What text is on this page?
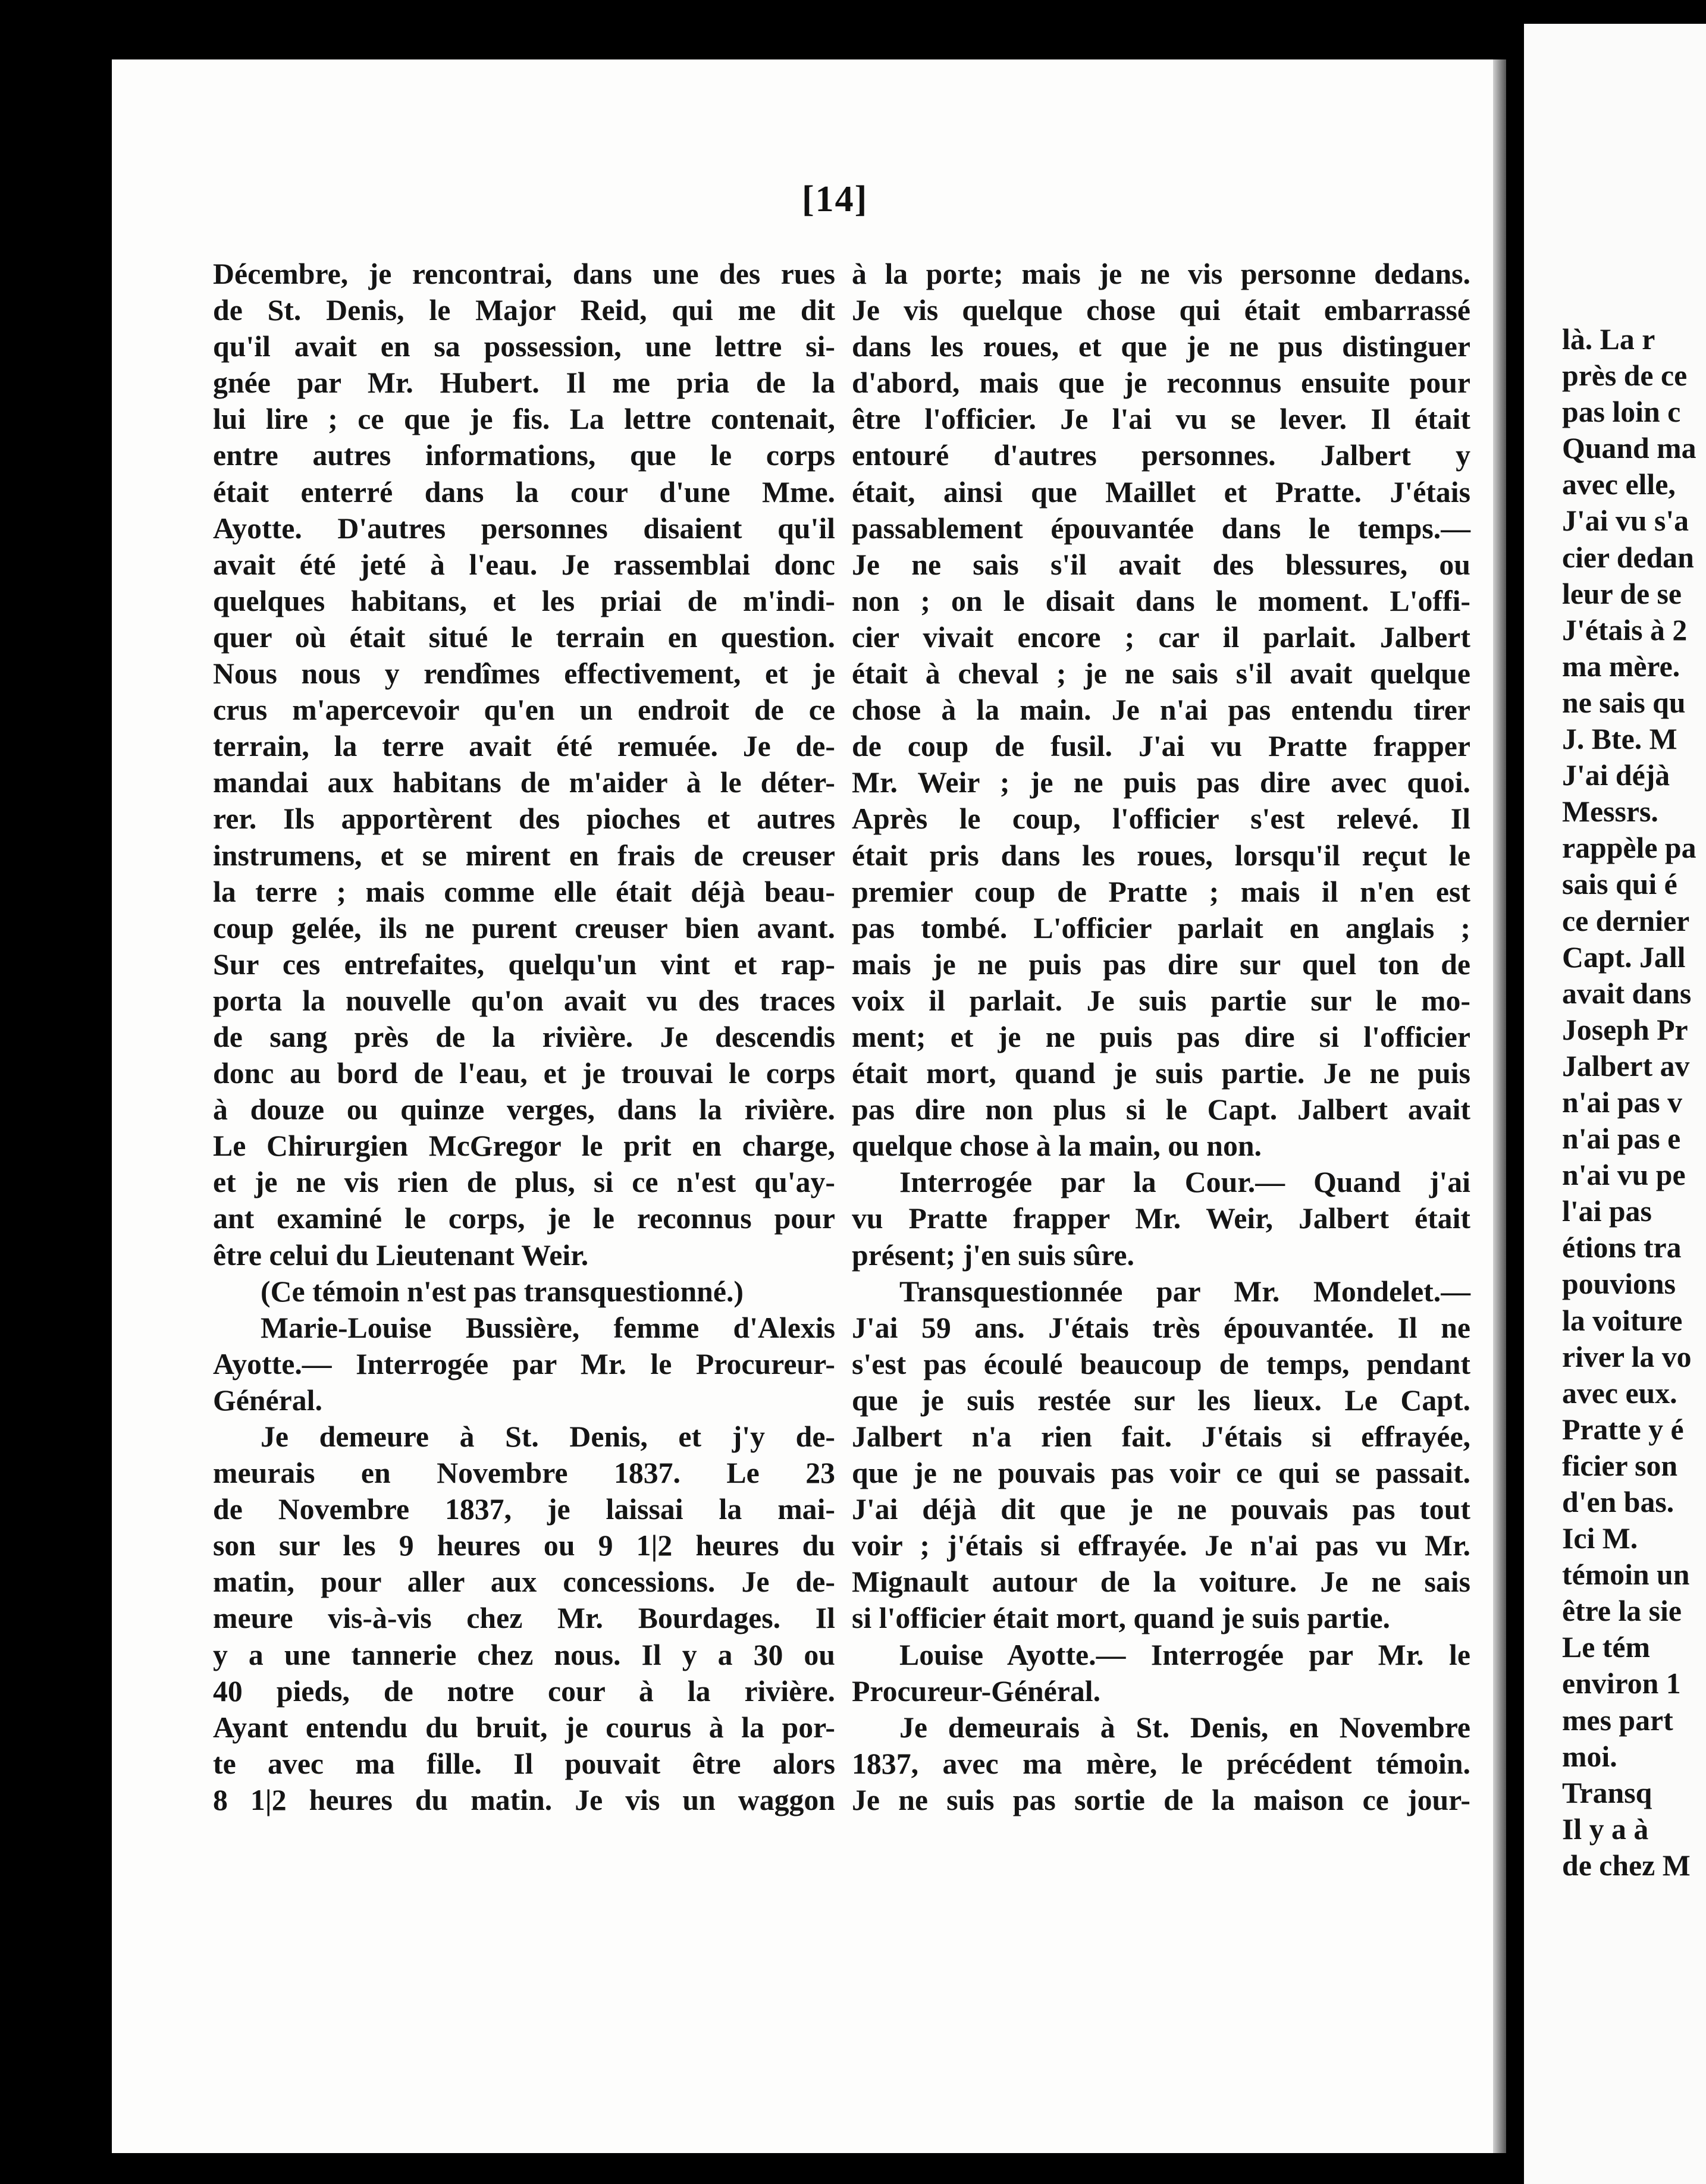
[14]
Décembre, je rencontrai, dans une des rues
de St. Denis, le Major Reid, qui me dit
qu'il avait en sa possession, une lettre si-
gnée par Mr. Hubert. Il me pria de la
lui lire ; ce que je fis. La lettre contenait,
entre autres informations, que le corps
était enterré dans la cour d'une Mme.
Ayotte. D'autres personnes disaient qu'il
avait été jeté à l'eau. Je rassemblai donc
quelques habitans, et les priai de m'indi-
quer où était situé le terrain en question.
Nous nous y rendîmes effectivement, et je
crus m'apercevoir qu'en un endroit de ce
terrain, la terre avait été remuée. Je de-
mandai aux habitans de m'aider à le déter-
rer. Ils apportèrent des pioches et autres
instrumens, et se mirent en frais de creuser
la terre ; mais comme elle était déjà beau-
coup gelée, ils ne purent creuser bien avant.
Sur ces entrefaites, quelqu'un vint et rap-
porta la nouvelle qu'on avait vu des traces
de sang près de la rivière. Je descendis
donc au bord de l'eau, et je trouvai le corps
à douze ou quinze verges, dans la rivière.
Le Chirurgien McGregor le prit en charge,
et je ne vis rien de plus, si ce n'est qu'ay-
ant examiné le corps, je le reconnus pour
être celui du Lieutenant Weir.
(Ce témoin n'est pas transquestionné.)
Marie-Louise Bussière, femme d'Alexis
Ayotte.— Interrogée par Mr. le Procureur-
Général.
Je demeure à St. Denis, et j'y de-
meurais en Novembre 1837. Le 23
de Novembre 1837, je laissai la mai-
son sur les 9 heures ou 9 1|2 heures du
matin, pour aller aux concessions. Je de-
meure vis-à-vis chez Mr. Bourdages. Il
y a une tannerie chez nous. Il y a 30 ou
40 pieds, de notre cour à la rivière.
Ayant entendu du bruit, je courus à la por-
te avec ma fille. Il pouvait être alors
8 1|2 heures du matin. Je vis un waggon
à la porte; mais je ne vis personne dedans.
Je vis quelque chose qui était embarrassé
dans les roues, et que je ne pus distinguer
d'abord, mais que je reconnus ensuite pour
être l'officier. Je l'ai vu se lever. Il était
entouré d'autres personnes. Jalbert y
était, ainsi que Maillet et Pratte. J'étais
passablement épouvantée dans le temps.—
Je ne sais s'il avait des blessures, ou
non ; on le disait dans le moment. L'offi-
cier vivait encore ; car il parlait. Jalbert
était à cheval ; je ne sais s'il avait quelque
chose à la main. Je n'ai pas entendu tirer
de coup de fusil. J'ai vu Pratte frapper
Mr. Weir ; je ne puis pas dire avec quoi.
Après le coup, l'officier s'est relevé. Il
était pris dans les roues, lorsqu'il reçut le
premier coup de Pratte ; mais il n'en est
pas tombé. L'officier parlait en anglais ;
mais je ne puis pas dire sur quel ton de
voix il parlait. Je suis partie sur le mo-
ment; et je ne puis pas dire si l'officier
était mort, quand je suis partie. Je ne puis
pas dire non plus si le Capt. Jalbert avait
quelque chose à la main, ou non.
Interrogée par la Cour.— Quand j'ai
vu Pratte frapper Mr. Weir, Jalbert était
présent; j'en suis sûre.
Transquestionnée par Mr. Mondelet.—
J'ai 59 ans. J'étais très épouvantée. Il ne
s'est pas écoulé beaucoup de temps, pendant
que je suis restée sur les lieux. Le Capt.
Jalbert n'a rien fait. J'étais si effrayée,
que je ne pouvais pas voir ce qui se passait.
J'ai déjà dit que je ne pouvais pas tout
voir ; j'étais si effrayée. Je n'ai pas vu Mr.
Mignault autour de la voiture. Je ne sais
si l'officier était mort, quand je suis partie.
Louise Ayotte.— Interrogée par Mr. le
Procureur-Général.
Je demeurais à St. Denis, en Novembre
1837, avec ma mère, le précédent témoin.
Je ne suis pas sortie de la maison ce jour-
là. La r
près de ce
pas loin c
Quand ma
avec elle,
J'ai vu s'a
cier dedan
leur de se
J'étais à 2
ma mère.
ne sais qu
J. Bte. M
J'ai déjà
Messrs.
rappèle pa
sais qui é
ce dernier
Capt. Jall
avait dans
Joseph Pr
Jalbert av
n'ai pas v
n'ai pas e
n'ai vu pe
l'ai pas
étions tra
pouvions
la voiture
river la vo
avec eux.
Pratte y é
ficier son
d'en bas.
Ici M.
témoin un
être la sie
Le tém
environ 1
mes part
moi.
Transq
Il y a à
de chez M
